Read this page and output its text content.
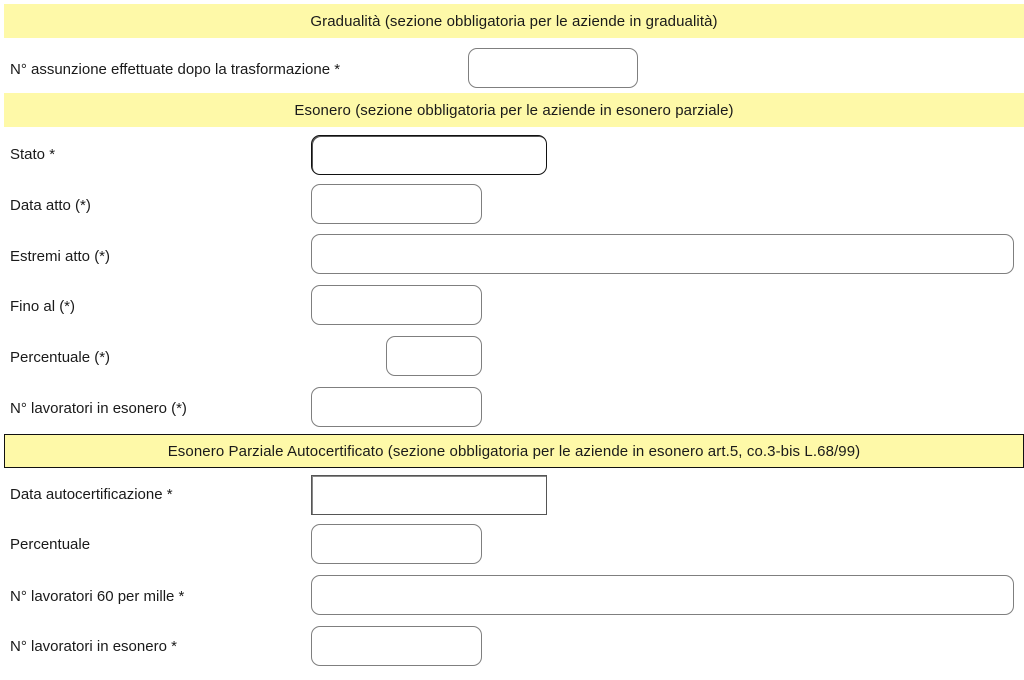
Gradualità (sezione obbligatoria per le aziende in gradualità)
N° assunzione effettuate dopo la trasformazione *
Esonero (sezione obbligatoria per le aziende in esonero parziale)
Stato *
Data atto (*)
Estremi atto (*)
Fino al (*)
Percentuale (*)
N° lavoratori in esonero (*)
Esonero Parziale Autocertificato (sezione obbligatoria per le aziende in esonero art.5, co.3-bis L.68/99)
Data autocertificazione *
Percentuale
N° lavoratori 60 per mille *
N° lavoratori in esonero *
